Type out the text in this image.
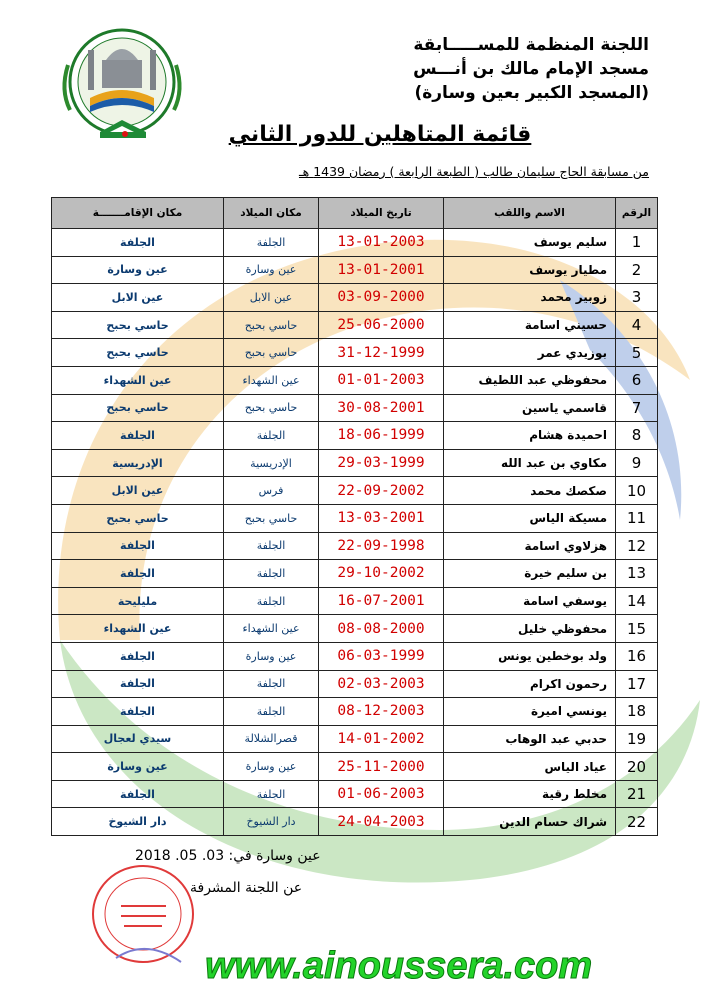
اللجنة المنظمة للمســـــابقة
مسجد الإمام مالك بن أنـــس
(المسجد الكبير بعين وسارة)
قائمة المتاهلين للدور الثاني
من مسابقة الحاج سليمان طالب ( الطبعة الرابعة ) رمضان 1439 هـ
الرقم	الاسم واللقب	تاريخ الميلاد	مكان الميلاد	مكان الإقامـــــــة
1	سليم يوسف	13-01-2003	الجلفة	الجلفة
2	مطيار يوسف	13-01-2001	عين وسارة	عين وسارة
3	زوبير محمد	03-09-2000	عين الابل	عين الابل
4	حسيني اسامة	25-06-2000	حاسي بحبح	حاسي بحبح
5	بوزيدي عمر	31-12-1999	حاسي بحبح	حاسي بحبح
6	محفوظي عبد اللطيف	01-01-2003	عين الشهداء	عين الشهداء
7	قاسمي ياسين	30-08-2001	حاسي بحبح	حاسي بحبح
8	احميدة هشام	18-06-1999	الجلفة	الجلفة
9	مكاوي بن عبد الله	29-03-1999	الإدريسية	الإدريسية
10	صكصك محمد	22-09-2002	فرس	عين الابل
11	مسيكة الياس	13-03-2001	حاسي بحبح	حاسي بحبح
12	هزلاوي اسامة	22-09-1998	الجلفة	الجلفة
13	بن سليم خيرة	29-10-2002	الجلفة	الجلفة
14	يوسفي اسامة	16-07-2001	الجلفة	مليليحة
15	محفوظي خليل	08-08-2000	عين الشهداء	عين الشهداء
16	ولد بوخطين يونس	06-03-1999	عين وسارة	الجلفة
17	رحمون اكرام	02-03-2003	الجلفة	الجلفة
18	يونسي اميرة	08-12-2003	الجلفة	الجلفة
19	حدبي عبد الوهاب	14-01-2002	قصرالشلالة	سيدي لعجال
20	عياد الياس	25-11-2000	عين وسارة	عين وسارة
21	مخلط رقية	01-06-2003	الجلفة	الجلفة
22	شراك حسام الدين	24-04-2003	دار الشيوخ	دار الشيوخ
عين وسارة في: 03. 05. 2018
عن اللجنة المشرفة
www.ainoussera.com
